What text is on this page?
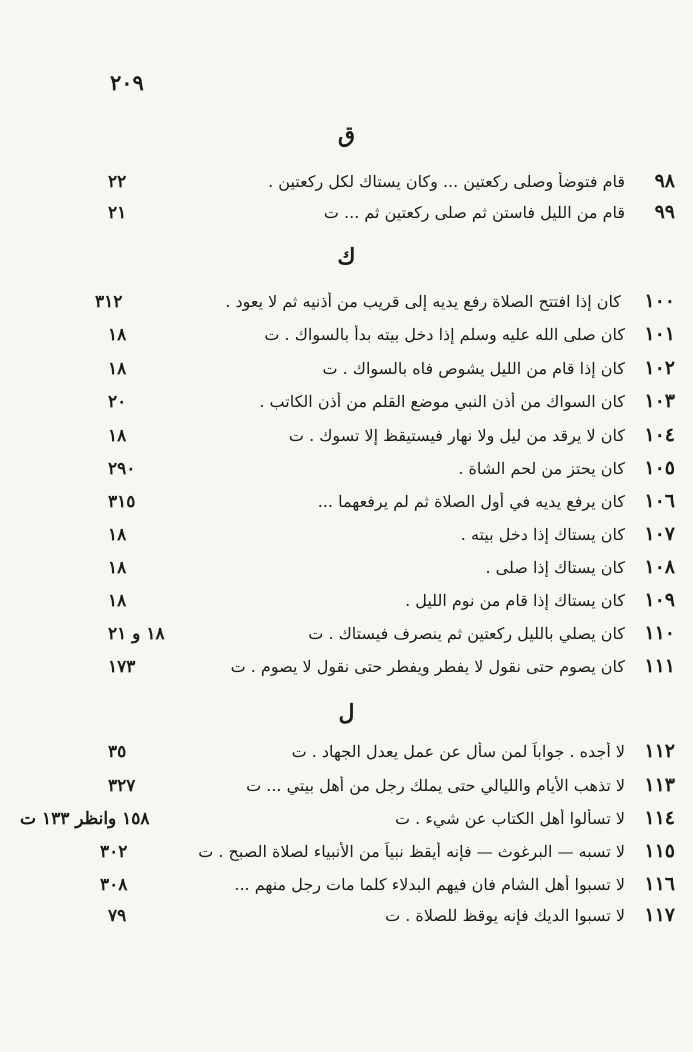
٢٠٩
ق
٩٨
قام فتوضأ وصلى ركعتين ... وكان يستاك لكل ركعتين .
٢٢
٩٩
قام من الليل فاستن ثم صلى ركعتين ثم ... ت
٢١
ك
١٠٠
كان إذا افتتح الصلاة رفع يديه إلى قريب من أذنيه ثم لا يعود .
٣١٢
١٠١
كان صلى الله عليه وسلم إذا دخل بيته بدأ بالسواك . ت
١٨
١٠٢
كان إذا قام من الليل يشوص فاه بالسواك . ت
١٨
١٠٣
كان السواك من أذن النبي موضع القلم من أذن الكاتب .
٢٠
١٠٤
كان لا يرقد من ليل ولا نهار فيستيقظ إلا تسوك . ت
١٨
١٠٥
كان يحتز من لحم الشاة .
٢٩٠
١٠٦
كان يرفع يديه في أول الصلاة ثم لم يرفعهما ...
٣١٥
١٠٧
كان يستاك إذا دخل بيته .
١٨
١٠٨
كان يستاك إذا صلى .
١٨
١٠٩
كان يستاك إذا قام من نوم الليل .
١٨
١١٠
كان يصلي بالليل ركعتين ثم ينصرف فيستاك . ت
١٨ و ٢١
١١١
كان يصوم حتى نقول لا يفطر ويفطر حتى نقول لا يصوم . ت
١٧٣
ل
١١٢
لا أجده . جواباً لمن سأل عن عمل يعدل الجهاد . ت
٣٥
١١٣
لا تذهب الأيام والليالي حتى يملك رجل من أهل بيتي ... ت
٣٢٧
١١٤
لا تسألوا أهل الكتاب عن شيء . ت
١٥٨ وانظر ١٣٣ ت
١١٥
لا تسبه — البرغوث — فإنه أيقظ نبياً من الأنبياء لصلاة الصبح . ت
٣٠٢
١١٦
لا تسبوا أهل الشام فان فيهم البدلاء كلما مات رجل منهم ...
٣٠٨
١١٧
لا تسبوا الديك فإنه يوقظ للصلاة . ت
٧٩
